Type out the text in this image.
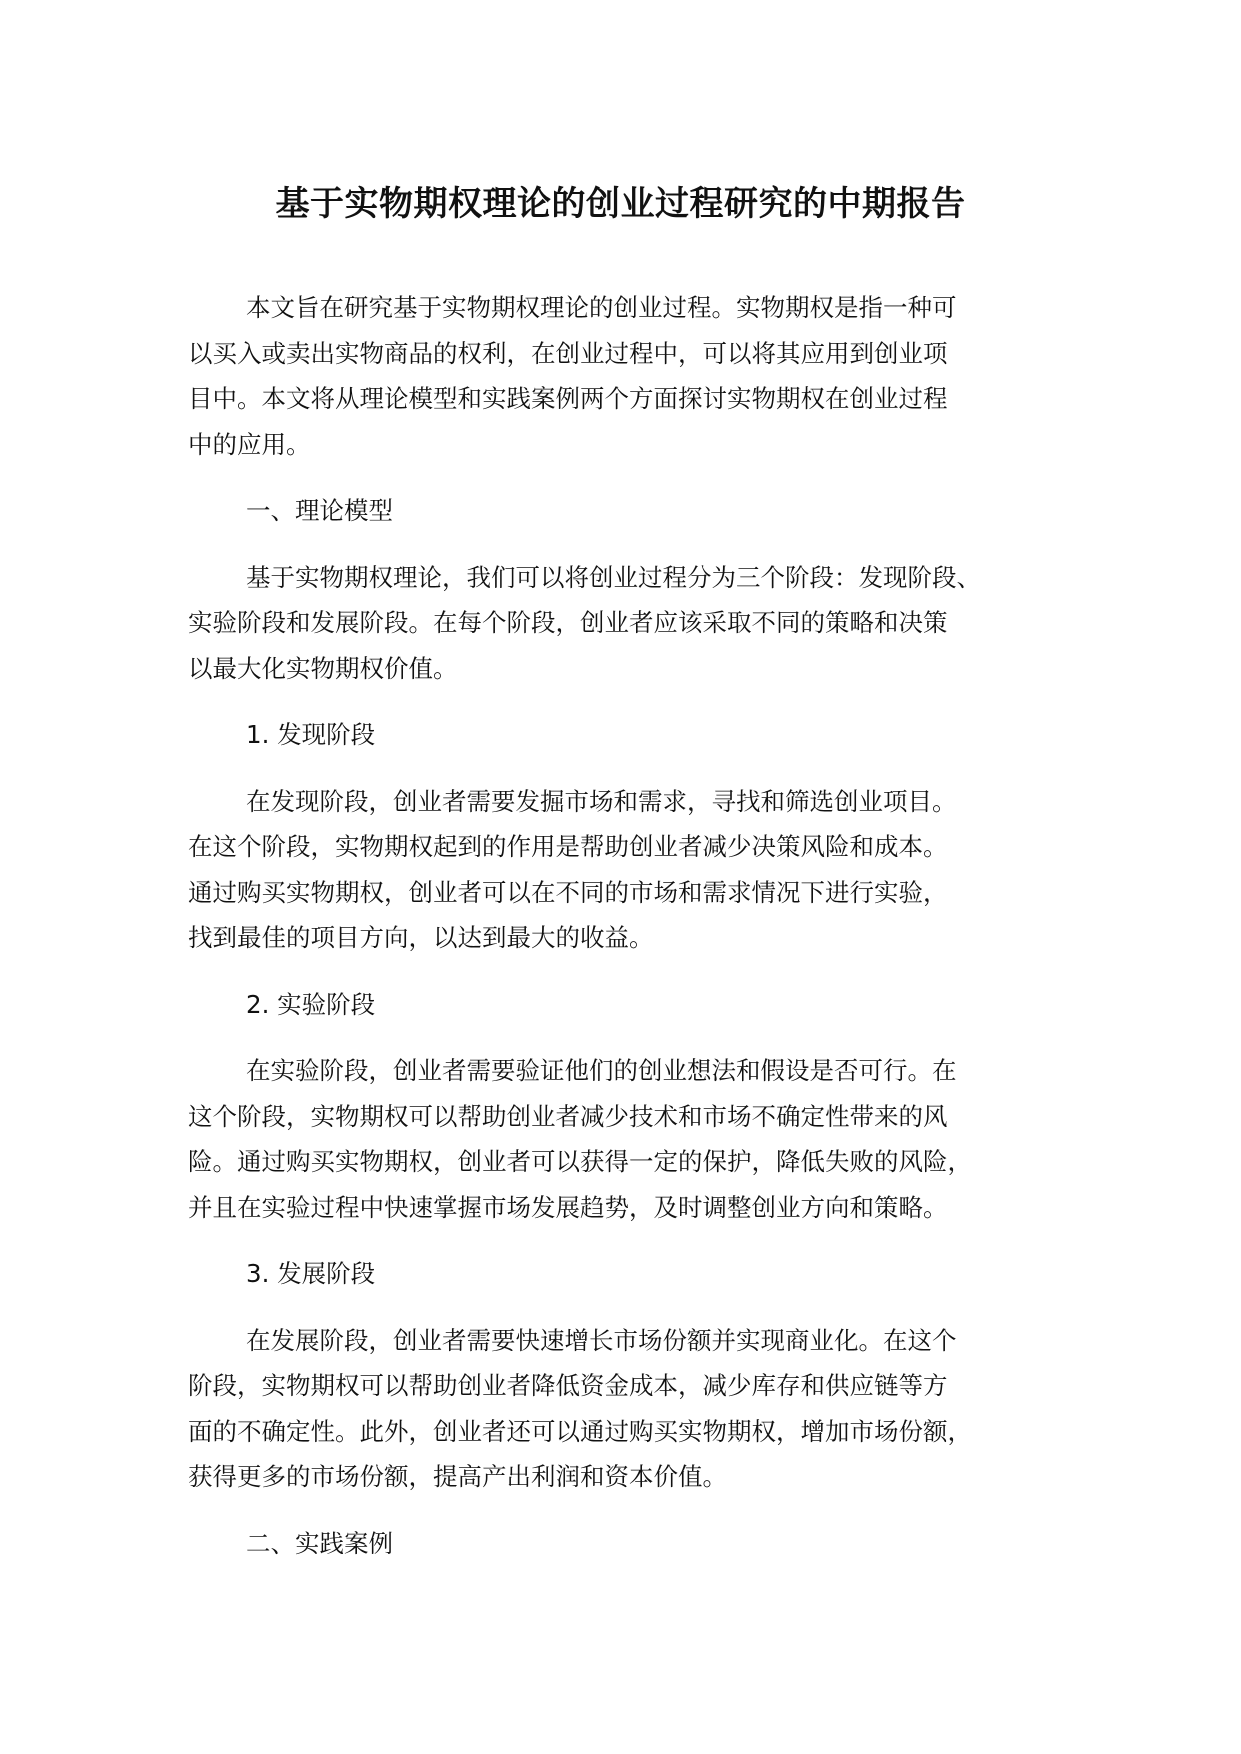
基于实物期权理论的创业过程研究的中期报告
本文旨在研究基于实物期权理论的创业过程。实物期权是指一种可
以买入或卖出实物商品的权利，在创业过程中，可以将其应用到创业项
目中。本文将从理论模型和实践案例两个方面探讨实物期权在创业过程
中的应用。
一、理论模型
基于实物期权理论，我们可以将创业过程分为三个阶段：发现阶段、
实验阶段和发展阶段。在每个阶段，创业者应该采取不同的策略和决策
以最大化实物期权价值。
1. 发现阶段
在发现阶段，创业者需要发掘市场和需求，寻找和筛选创业项目。
在这个阶段，实物期权起到的作用是帮助创业者减少决策风险和成本。
通过购买实物期权，创业者可以在不同的市场和需求情况下进行实验，
找到最佳的项目方向，以达到最大的收益。
2. 实验阶段
在实验阶段，创业者需要验证他们的创业想法和假设是否可行。在
这个阶段，实物期权可以帮助创业者减少技术和市场不确定性带来的风
险。通过购买实物期权，创业者可以获得一定的保护，降低失败的风险，
并且在实验过程中快速掌握市场发展趋势，及时调整创业方向和策略。
3. 发展阶段
在发展阶段，创业者需要快速增长市场份额并实现商业化。在这个
阶段，实物期权可以帮助创业者降低资金成本，减少库存和供应链等方
面的不确定性。此外，创业者还可以通过购买实物期权，增加市场份额，
获得更多的市场份额，提高产出利润和资本价值。
二、实践案例
